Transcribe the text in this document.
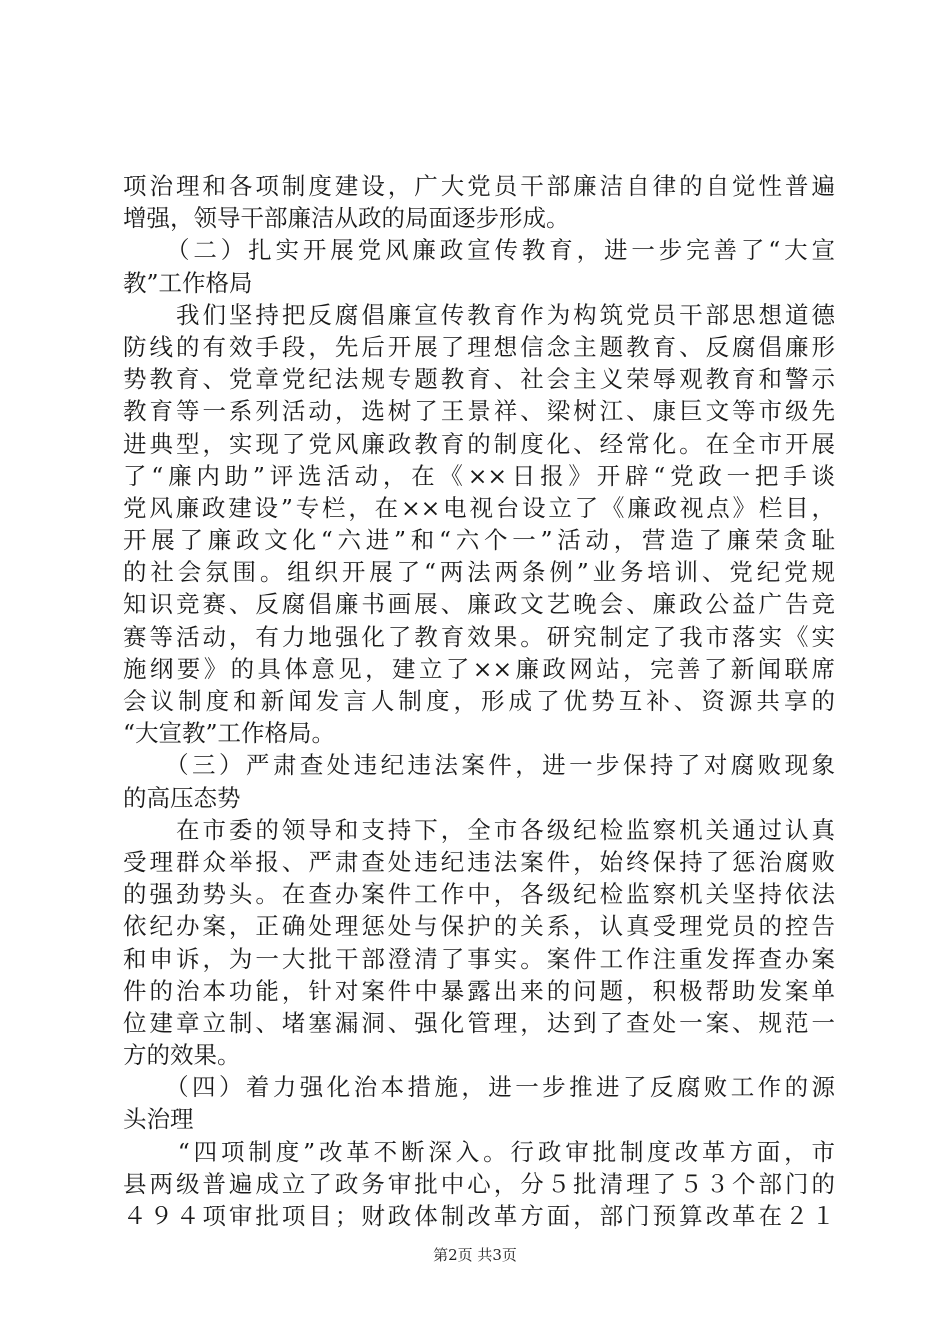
项治理和各项制度建设，广大党员干部廉洁自律的自觉性普遍
增强，领导干部廉洁从政的局面逐步形成。
　　（二）扎实开展党风廉政宣传教育，进一步完善了“大宣
教”工作格局
　　我们坚持把反腐倡廉宣传教育作为构筑党员干部思想道德
防线的有效手段，先后开展了理想信念主题教育、反腐倡廉形
势教育、党章党纪法规专题教育、社会主义荣辱观教育和警示
教育等一系列活动，选树了王景祥、梁树江、康巨文等市级先
进典型，实现了党风廉政教育的制度化、经常化。在全市开展
了“廉内助”评选活动，在《××日报》开辟“党政一把手谈
党风廉政建设”专栏，在××电视台设立了《廉政视点》栏目，
开展了廉政文化“六进”和“六个一”活动，营造了廉荣贪耻
的社会氛围。组织开展了“两法两条例”业务培训、党纪党规
知识竞赛、反腐倡廉书画展、廉政文艺晚会、廉政公益广告竞
赛等活动，有力地强化了教育效果。研究制定了我市落实《实
施纲要》的具体意见，建立了××廉政网站，完善了新闻联席
会议制度和新闻发言人制度，形成了优势互补、资源共享的
“大宣教”工作格局。
　　（三）严肃查处违纪违法案件，进一步保持了对腐败现象
的高压态势
　　在市委的领导和支持下，全市各级纪检监察机关通过认真
受理群众举报、严肃查处违纪违法案件，始终保持了惩治腐败
的强劲势头。在查办案件工作中，各级纪检监察机关坚持依法
依纪办案，正确处理惩处与保护的关系，认真受理党员的控告
和申诉，为一大批干部澄清了事实。案件工作注重发挥查办案
件的治本功能，针对案件中暴露出来的问题，积极帮助发案单
位建章立制、堵塞漏洞、强化管理，达到了查处一案、规范一
方的效果。
　　（四）着力强化治本措施，进一步推进了反腐败工作的源
头治理
　　“四项制度”改革不断深入。行政审批制度改革方面，市
县两级普遍成立了政务审批中心，分５批清理了５３个部门的
４９４项审批项目；财政体制改革方面，部门预算改革在２１
第2页 共3页
